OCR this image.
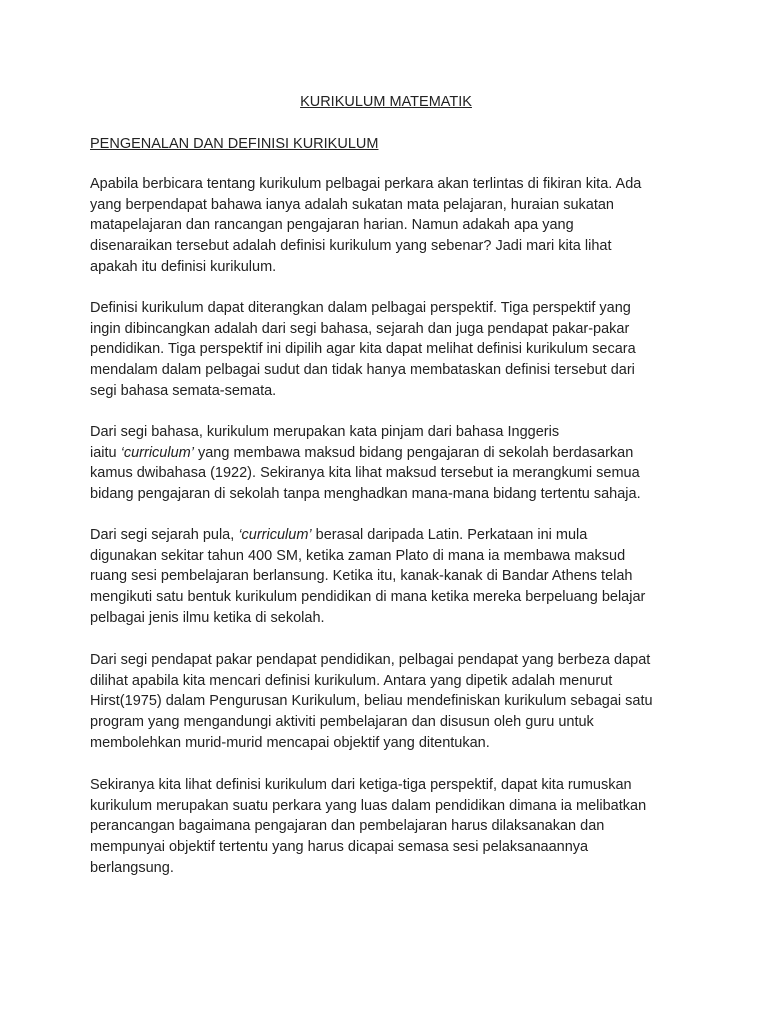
KURIKULUM MATEMATIK
PENGENALAN DAN DEFINISI KURIKULUM

Apabila berbicara tentang kurikulum pelbagai perkara akan terlintas di fikiran kita. Ada
yang berpendapat bahawa ianya adalah sukatan mata pelajaran, huraian sukatan
matapelajaran dan rancangan pengajaran harian. Namun adakah apa yang
disenaraikan tersebut adalah definisi kurikulum yang sebenar? Jadi mari kita lihat
apakah itu definisi kurikulum.

Definisi kurikulum dapat diterangkan dalam pelbagai perspektif. Tiga perspektif yang
ingin dibincangkan adalah dari segi bahasa, sejarah dan juga pendapat pakar-pakar
pendidikan. Tiga perspektif ini dipilih agar kita dapat melihat definisi kurikulum secara
mendalam dalam pelbagai sudut dan tidak hanya membataskan definisi tersebut dari
segi bahasa semata-semata.

Dari segi bahasa, kurikulum merupakan kata pinjam dari bahasa Inggeris
iaitu ‘curriculum’ yang membawa maksud bidang pengajaran di sekolah berdasarkan
kamus dwibahasa (1922). Sekiranya kita lihat maksud tersebut ia merangkumi semua
bidang pengajaran di sekolah tanpa menghadkan mana-mana bidang tertentu sahaja.

Dari segi sejarah pula, ‘curriculum’ berasal daripada Latin. Perkataan ini mula
digunakan sekitar tahun 400 SM, ketika zaman Plato di mana ia membawa maksud
ruang sesi pembelajaran berlansung. Ketika itu, kanak-kanak di Bandar Athens telah
mengikuti satu bentuk kurikulum pendidikan di mana ketika mereka berpeluang belajar
pelbagai jenis ilmu ketika di sekolah.

Dari segi pendapat pakar pendapat pendidikan, pelbagai pendapat yang berbeza dapat
dilihat apabila kita mencari definisi kurikulum. Antara yang dipetik adalah menurut
Hirst(1975) dalam Pengurusan Kurikulum, beliau mendefiniskan kurikulum sebagai satu
program yang mengandungi aktiviti pembelajaran dan disusun oleh guru untuk
membolehkan murid-murid mencapai objektif yang ditentukan.

Sekiranya kita lihat definisi kurikulum dari ketiga-tiga perspektif, dapat kita rumuskan
kurikulum merupakan suatu perkara yang luas dalam pendidikan dimana ia melibatkan
perancangan bagaimana pengajaran dan pembelajaran harus dilaksanakan dan
mempunyai objektif tertentu yang harus dicapai semasa sesi pelaksanaannya
berlangsung.
